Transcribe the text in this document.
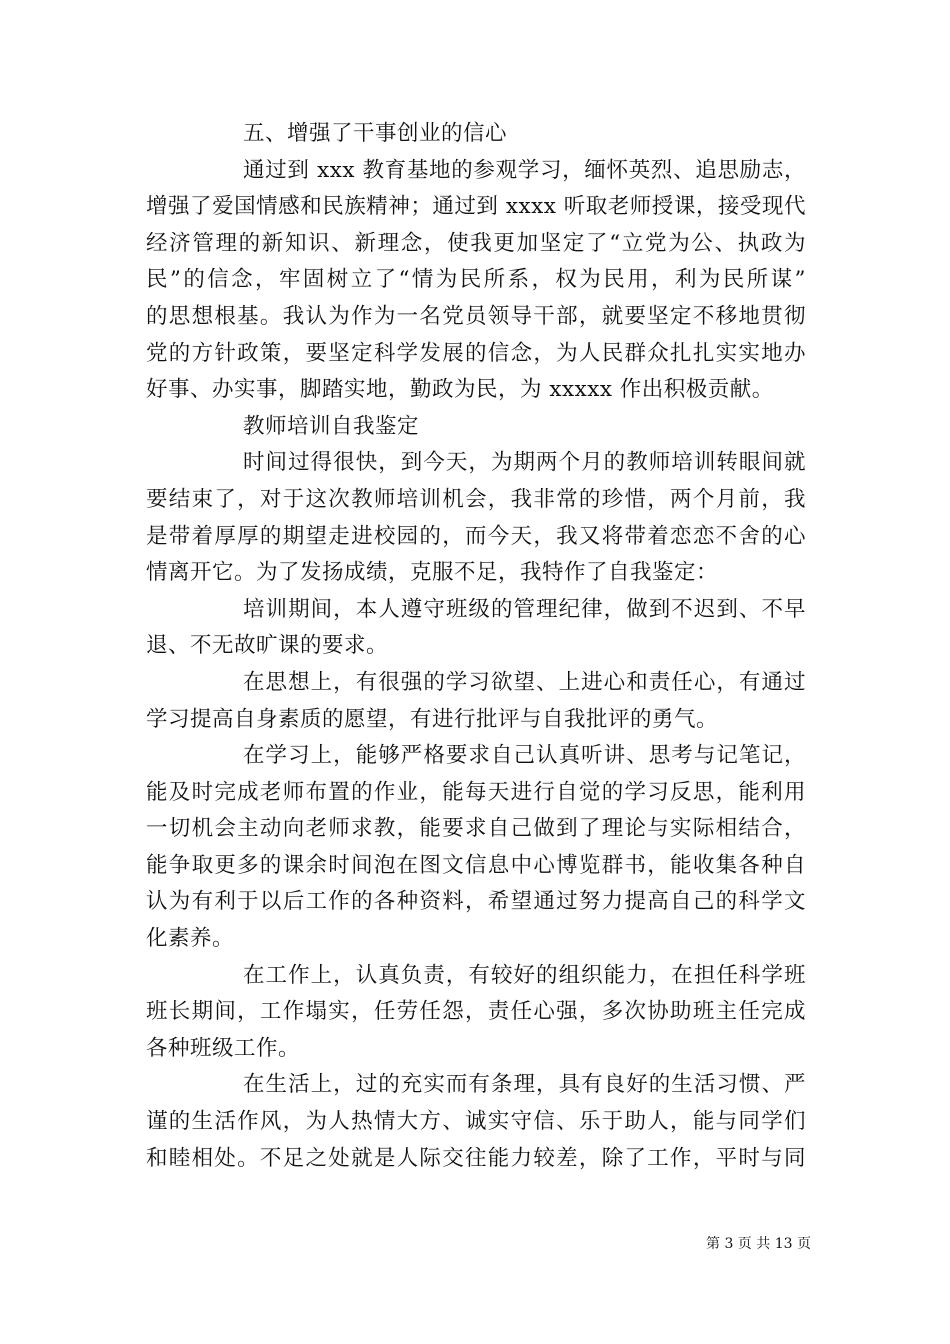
五、增强了干事创业的信心
通过到 xxx 教育基地的参观学习，缅怀英烈、追思励志，
增强了爱国情感和民族精神；通过到 xxxx 听取老师授课，接受现代
经济管理的新知识、新理念，使我更加坚定了“立党为公、执政为
民”的信念，牢固树立了“情为民所系，权为民用，利为民所谋”
的思想根基。我认为作为一名党员领导干部，就要坚定不移地贯彻
党的方针政策，要坚定科学发展的信念，为人民群众扎扎实实地办
好事、办实事，脚踏实地，勤政为民，为 xxxxx 作出积极贡献。
教师培训自我鉴定
时间过得很快，到今天，为期两个月的教师培训转眼间就
要结束了，对于这次教师培训机会，我非常的珍惜，两个月前，我
是带着厚厚的期望走进校园的，而今天，我又将带着恋恋不舍的心
情离开它。为了发扬成绩，克服不足，我特作了自我鉴定：
培训期间，本人遵守班级的管理纪律，做到不迟到、不早
退、不无故旷课的要求。
在思想上，有很强的学习欲望、上进心和责任心，有通过
学习提高自身素质的愿望，有进行批评与自我批评的勇气。
在学习上，能够严格要求自己认真听讲、思考与记笔记，
能及时完成老师布置的作业，能每天进行自觉的学习反思，能利用
一切机会主动向老师求教，能要求自己做到了理论与实际相结合，
能争取更多的课余时间泡在图文信息中心博览群书，能收集各种自
认为有利于以后工作的各种资料，希望通过努力提高自己的科学文
化素养。
在工作上，认真负责，有较好的组织能力，在担任科学班
班长期间，工作塌实，任劳任怨，责任心强，多次协助班主任完成
各种班级工作。
在生活上，过的充实而有条理，具有良好的生活习惯、严
谨的生活作风，为人热情大方、诚实守信、乐于助人，能与同学们
和睦相处。不足之处就是人际交往能力较差，除了工作，平时与同
第 3 页 共 13 页
